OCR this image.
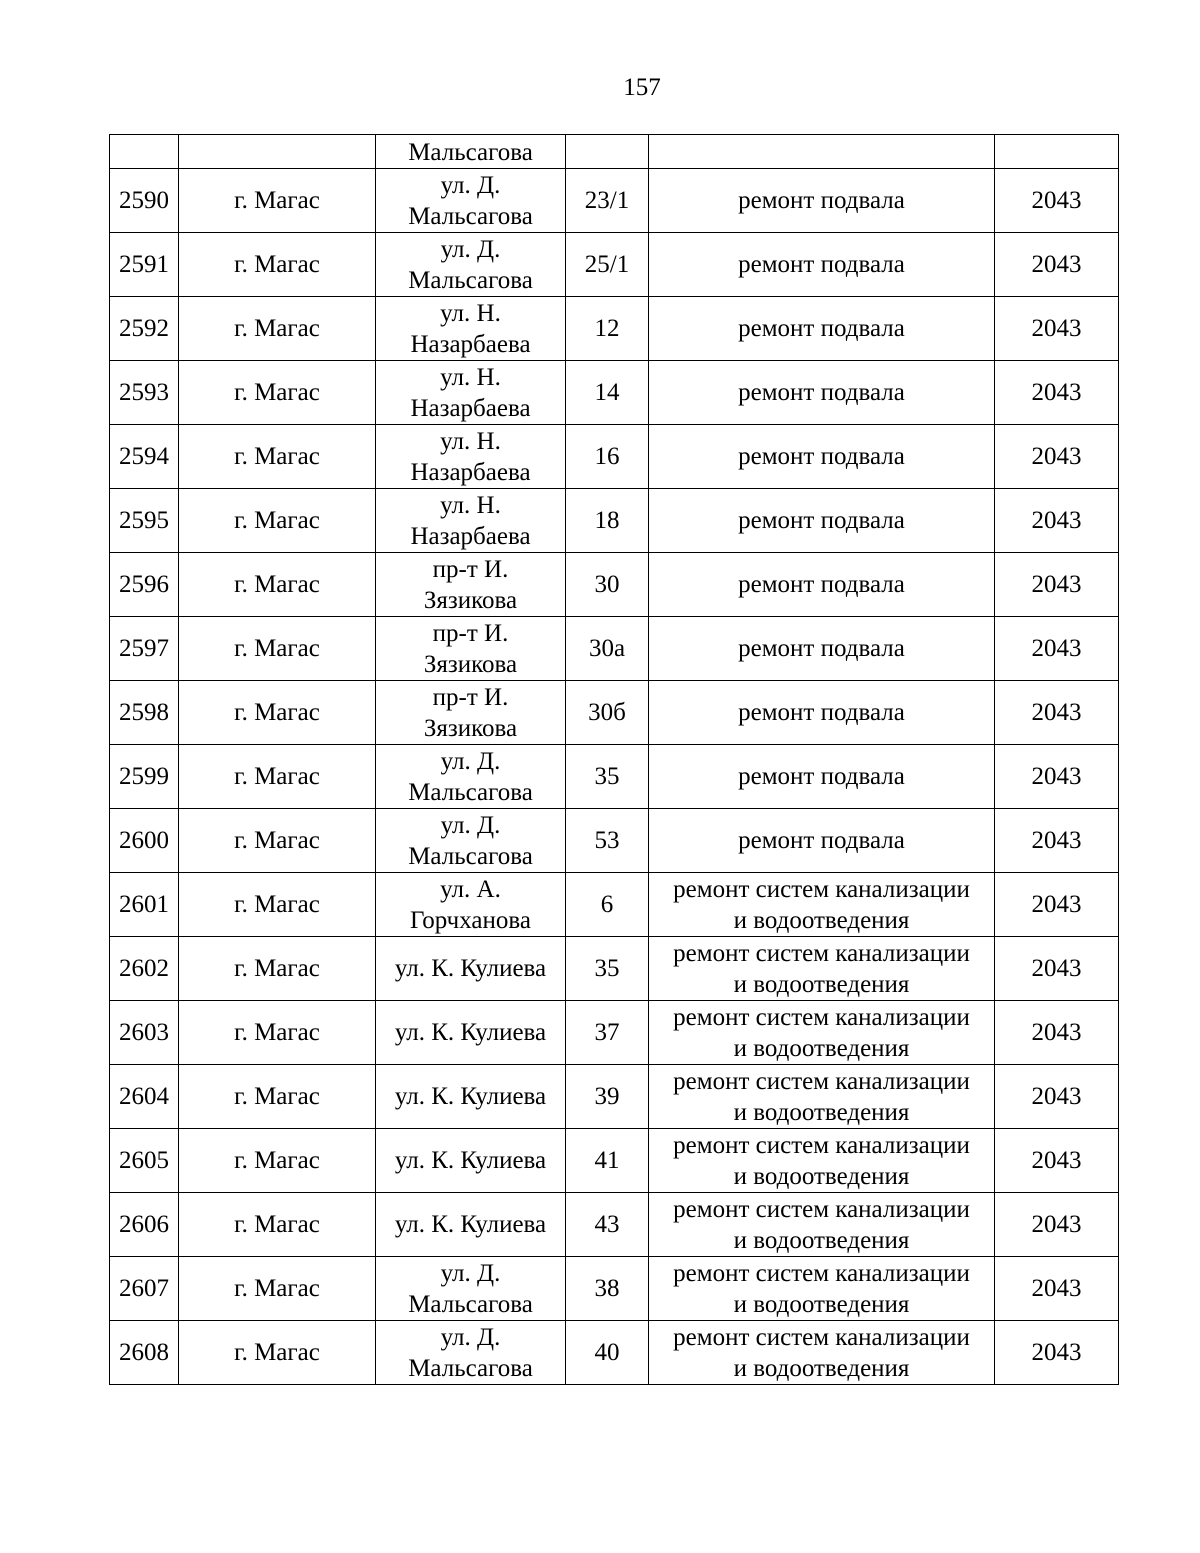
157
		Мальсагова			
2590	г. Магас	ул. Д.
Мальсагова	23/1	ремонт подвала	2043
2591	г. Магас	ул. Д.
Мальсагова	25/1	ремонт подвала	2043
2592	г. Магас	ул. Н.
Назарбаева	12	ремонт подвала	2043
2593	г. Магас	ул. Н.
Назарбаева	14	ремонт подвала	2043
2594	г. Магас	ул. Н.
Назарбаева	16	ремонт подвала	2043
2595	г. Магас	ул. Н.
Назарбаева	18	ремонт подвала	2043
2596	г. Магас	пр-т И.
Зязикова	30	ремонт подвала	2043
2597	г. Магас	пр-т И.
Зязикова	30а	ремонт подвала	2043
2598	г. Магас	пр-т И.
Зязикова	30б	ремонт подвала	2043
2599	г. Магас	ул. Д.
Мальсагова	35	ремонт подвала	2043
2600	г. Магас	ул. Д.
Мальсагова	53	ремонт подвала	2043
2601	г. Магас	ул. А.
Горчханова	6	ремонт систем канализации
и водоотведения	2043
2602	г. Магас	ул. К. Кулиева	35	ремонт систем канализации
и водоотведения	2043
2603	г. Магас	ул. К. Кулиева	37	ремонт систем канализации
и водоотведения	2043
2604	г. Магас	ул. К. Кулиева	39	ремонт систем канализации
и водоотведения	2043
2605	г. Магас	ул. К. Кулиева	41	ремонт систем канализации
и водоотведения	2043
2606	г. Магас	ул. К. Кулиева	43	ремонт систем канализации
и водоотведения	2043
2607	г. Магас	ул. Д.
Мальсагова	38	ремонт систем канализации
и водоотведения	2043
2608	г. Магас	ул. Д.
Мальсагова	40	ремонт систем канализации
и водоотведения	2043
